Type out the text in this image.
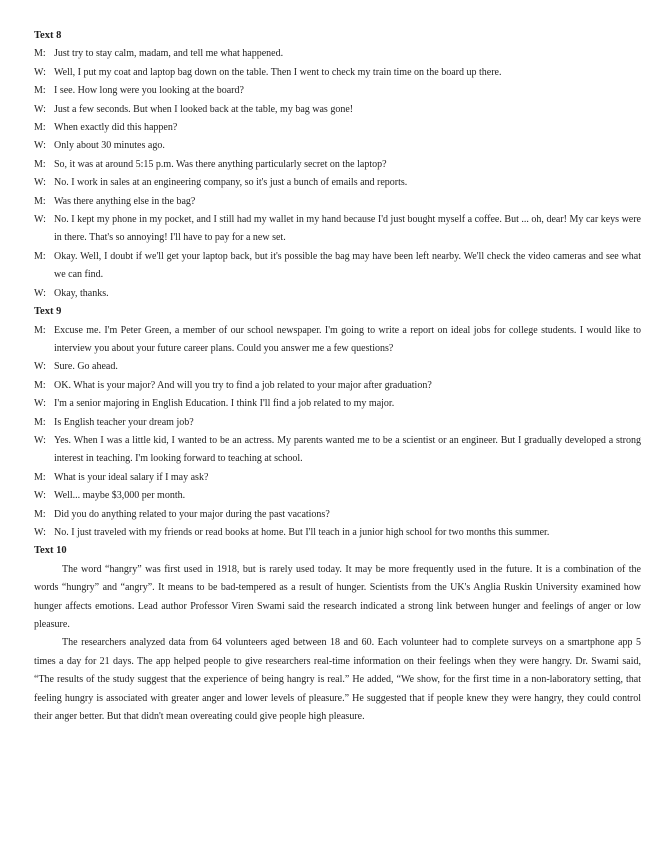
Text 8

M: Just try to stay calm, madam, and tell me what happened.

W: Well, I put my coat and laptop bag down on the table. Then I went to check my train time on the board up there.

M: I see. How long were you looking at the board?

W: Just a few seconds. But when I looked back at the table, my bag was gone!

M: When exactly did this happen?

W: Only about 30 minutes ago.

M: So, it was at around 5:15 p.m. Was there anything particularly secret on the laptop?

W: No. I work in sales at an engineering company, so it's just a bunch of emails and reports.

M: Was there anything else in the bag?

W: No. I kept my phone in my pocket, and I still had my wallet in my hand because I'd just bought myself a coffee. But ... oh, dear! My car keys were in there. That's so annoying! I'll have to pay for a new set.

M: Okay. Well, I doubt if we'll get your laptop back, but it's possible the bag may have been left nearby. We'll check the video cameras and see what we can find.

W: Okay, thanks.

Text 9

M: Excuse me. I'm Peter Green, a member of our school newspaper. I'm going to write a report on ideal jobs for college students. I would like to interview you about your future career plans. Could you answer me a few questions?

W: Sure. Go ahead.

M: OK. What is your major? And will you try to find a job related to your major after graduation?

W: I'm a senior majoring in English Education. I think I'll find a job related to my major.

M: Is English teacher your dream job?

W: Yes. When I was a little kid, I wanted to be an actress. My parents wanted me to be a scientist or an engineer. But I gradually developed a strong interest in teaching. I'm looking forward to teaching at school.

M: What is your ideal salary if I may ask?

W: Well... maybe $3,000 per month.

M: Did you do anything related to your major during the past vacations?

W: No. I just traveled with my friends or read books at home. But I'll teach in a junior high school for two months this summer.

Text 10

The word “hangry” was first used in 1918, but is rarely used today. It may be more frequently used in the future. It is a combination of the words “hungry” and “angry”. It means to be bad-tempered as a result of hunger. Scientists from the UK's Anglia Ruskin University examined how hunger affects emotions. Lead author Professor Viren Swami said the research indicated a strong link between hunger and feelings of anger or low pleasure.

The researchers analyzed data from 64 volunteers aged between 18 and 60. Each volunteer had to complete surveys on a smartphone app 5 times a day for 21 days. The app helped people to give researchers real-time information on their feelings when they were hangry. Dr. Swami said, “The results of the study suggest that the experience of being hangry is real.” He added, “We show, for the first time in a non-laboratory setting, that feeling hungry is associated with greater anger and lower levels of pleasure.” He suggested that if people knew they were hangry, they could control their anger better. But that didn't mean overeating could give people high pleasure.
